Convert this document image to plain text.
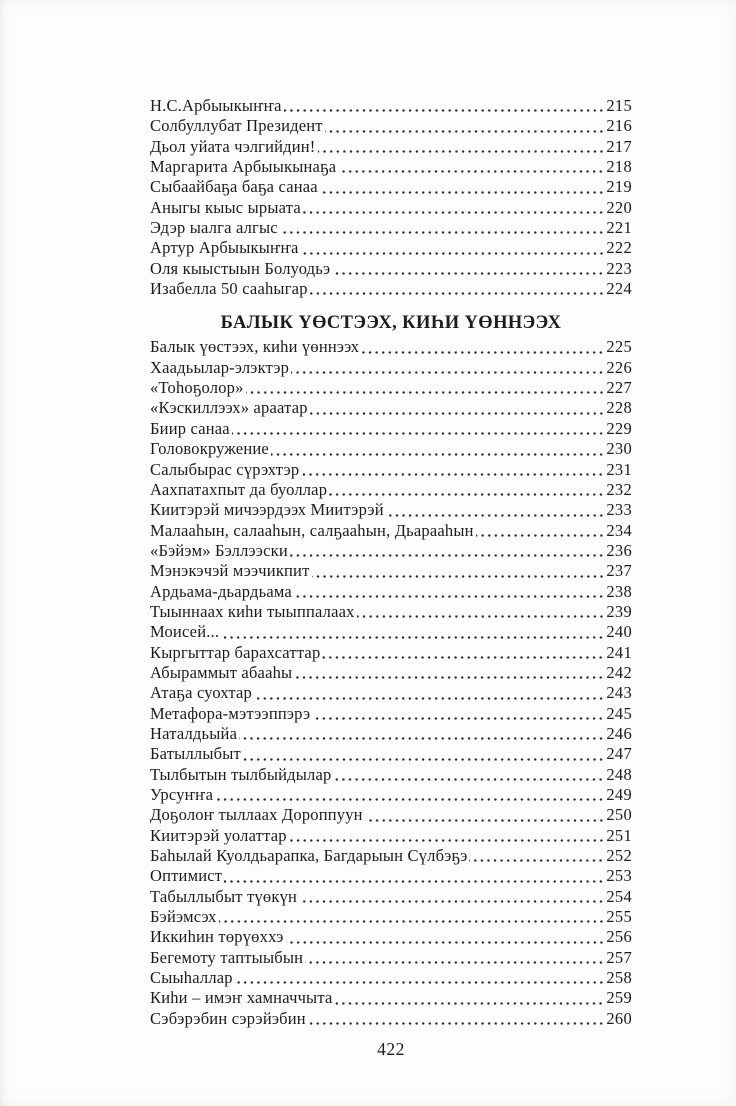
Н.С.Арбыыкыҥҥа	215
Солбуллубат Президент	216
Дьол уйата чэлгийдин!	217
Маргарита Арбыыкынаҕа	218
Сыбаайбаҕа баҕа санаа	219
Аныгы кыыс ырыата	220
Эдэр ыалга алгыс	221
Артур Арбыыкыҥҥа	222
Оля кыыстыын Болуодьэ	223
Изабелла 50 сааһыгар	224
БАЛЫК ҮӨСТЭЭХ, КИҺИ ҮӨННЭЭХ
Балык үөстээх, киһи үөннээх	225
Хаадьылар-элэктэр	226
«Тоһоҕолор»	227
«Кэскиллээх» араатар	228
Биир санаа	229
Головокружение	230
Салыбырас сүрэхтэр	231
Аахпатахпыт да буоллар	232
Киитэрэй мичээрдээх Миитэрэй	233
Малааһын, салааһын, салҕааһын, Дьарааһын	234
«Бэйэм» Бэллээски	236
Мэнэкэчэй мээчикпит	237
Ардьама-дьардьама	238
Тыыннаах киһи тыыппалаах	239
Моисей...	240
Кыргыттар барахсаттар	241
Абыраммыт абааһы	242
Атаҕа суохтар	243
Метафора-мэтээппэрэ	245
Наталдьыйа	246
Батыллыбыт	247
Тылбытын тылбыйдылар	248
Урсуҥҥа	249
Доҕолоҥ тыллаах Дороппуун	250
Киитэрэй уолаттар	251
Баһылай Куолдьарапка, Багдарыын Сүлбэҕэ	252
Оптимист	253
Табыллыбыт түөкүн	254
Бэйэмсэх	255
Иккиһин төрүөххэ	256
Бегемоту таптыыбын	257
Сыыһаллар	258
Киһи – имэҥ хамначчыта	259
Сэбэрэбин сэрэйэбин	260
422
